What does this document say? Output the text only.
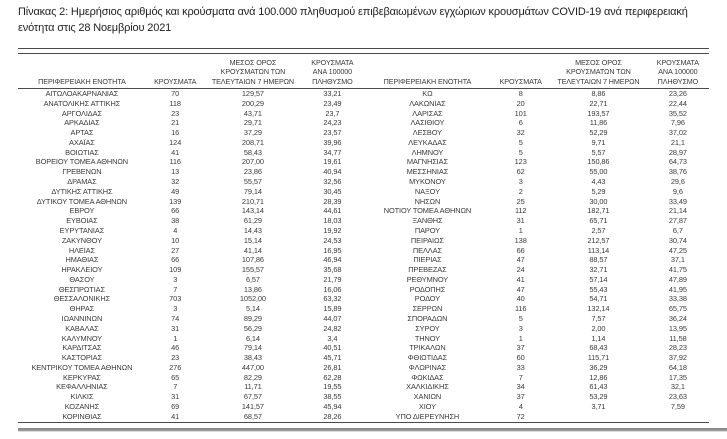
Πίνακας 2: Ημερήσιος αριθμός και κρούσματα ανά 100.000 πληθυσμού επιβεβαιωμένων εγχώριων κρουσμάτων COVID-19 ανά περιφερειακή ενότητα στις 28 Νοεμβρίου 2021
ΠΕΡΙΦΕΡΕΙΑΚΗ ΕΝΟΤΗΤΑ	ΚΡΟΥΣΜΑΤΑ	ΜΕΣΟΣ ΟΡΟΣ ΚΡΟΥΣΜΑΤΩΝ ΤΩΝ ΤΕΛΕΥΤΑΙΩΝ 7 ΗΜΕΡΩΝ	ΚΡΟΥΣΜΑΤΑ ΑΝΑ 100000 ΠΛΗΘΥΣΜΟ
ΑΙΤΩΛΟΑΚΑΡΝΑΝΙΑΣ	70	129,57	33,21
ΑΝΑΤΟΛΙΚΗΣ ΑΤΤΙΚΗΣ	118	200,29	23,49
ΑΡΓΟΛΙΔΑΣ	23	43,71	23,7
ΑΡΚΑΔΙΑΣ	21	29,71	24,23
ΑΡΤΑΣ	16	37,29	23,57
ΑΧΑΪΑΣ	124	208,71	39,96
ΒΟΙΩΤΙΑΣ	41	58,43	34,77
ΒΟΡΕΙΟΥ ΤΟΜΕΑ ΑΘΗΝΩΝ	116	207,00	19,61
ΓΡΕΒΕΝΩΝ	13	23,86	40,94
ΔΡΑΜΑΣ	32	55,57	32,56
ΔΥΤΙΚΗΣ ΑΤΤΙΚΗΣ	49	79,14	30,45
ΔΥΤΙΚΟΥ ΤΟΜΕΑ ΑΘΗΝΩΝ	139	210,71	28,39
ΕΒΡΟΥ	66	143,14	44,61
ΕΥΒΟΙΑΣ	38	61,29	18,03
ΕΥΡΥΤΑΝΙΑΣ	4	14,43	19,92
ΖΑΚΥΝΘΟΥ	10	15,14	24,53
ΗΛΕΙΑΣ	27	41,14	16,95
ΗΜΑΘΙΑΣ	66	107,86	46,94
ΗΡΑΚΛΕΙΟΥ	109	155,57	35,68
ΘΑΣΟΥ	3	6,57	21,79
ΘΕΣΠΡΩΤΙΑΣ	7	13,86	16,06
ΘΕΣΣΑΛΟΝΙΚΗΣ	703	1052,00	63,32
ΘΗΡΑΣ	3	5,14	15,89
ΙΩΑΝΝΙΝΩΝ	74	89,29	44,07
ΚΑΒΑΛΑΣ	31	56,29	24,82
ΚΑΛΥΜΝΟΥ	1	6,14	3,4
ΚΑΡΔΙΤΣΑΣ	46	79,14	40,51
ΚΑΣΤΟΡΙΑΣ	23	38,43	45,71
ΚΕΝΤΡΙΚΟΥ ΤΟΜΕΑ ΑΘΗΝΩΝ	276	447,00	26,81
ΚΕΡΚΥΡΑΣ	65	82,29	62,28
ΚΕΦΑΛΛΗΝΙΑΣ	7	11,71	19,55
ΚΙΛΚΙΣ	31	67,57	38,55
ΚΟΖΑΝΗΣ	69	141,57	45,94
ΚΟΡΙΝΘΙΑΣ	41	68,57	28,26
ΠΕΡΙΦΕΡΕΙΑΚΗ ΕΝΟΤΗΤΑ	ΚΡΟΥΣΜΑΤΑ	ΜΕΣΟΣ ΟΡΟΣ ΚΡΟΥΣΜΑΤΩΝ ΤΩΝ ΤΕΛΕΥΤΑΙΩΝ 7 ΗΜΕΡΩΝ	ΚΡΟΥΣΜΑΤΑ ΑΝΑ 100000 ΠΛΗΘΥΣΜΟ
ΚΩ	8	8,86	23,26
ΛΑΚΩΝΙΑΣ	20	22,71	22,44
ΛΑΡΙΣΑΣ	101	193,57	35,52
ΛΑΣΙΘΙΟΥ	6	11,86	7,96
ΛΕΣΒΟΥ	32	52,29	37,02
ΛΕΥΚΑΔΑΣ	5	9,71	21,1
ΛΗΜΝΟΥ	5	5,57	28,97
ΜΑΓΝΗΣΙΑΣ	123	150,86	64,73
ΜΕΣΣΗΝΙΑΣ	62	55,00	38,76
ΜΥΚΟΝΟΥ	3	4,43	29,6
ΝΑΞΟΥ	2	5,29	9,6
ΝΗΣΩΝ	25	30,00	33,49
ΝΟΤΙΟΥ ΤΟΜΕΑ ΑΘΗΝΩΝ	112	182,71	21,14
ΞΑΝΘΗΣ	31	65,71	27,87
ΠΑΡΟΥ	1	2,57	6,7
ΠΕΙΡΑΙΩΣ	138	212,57	30,74
ΠΕΛΛΑΣ	66	113,14	47,25
ΠΙΕΡΙΑΣ	47	88,57	37,1
ΠΡΕΒΕΖΑΣ	24	32,71	41,75
ΡΕΘΥΜΝΟΥ	41	57,14	47,89
ΡΟΔΟΠΗΣ	47	55,43	41,95
ΡΟΔΟΥ	40	54,71	33,38
ΣΕΡΡΩΝ	116	132,14	65,75
ΣΠΟΡΑΔΩΝ	5	7,57	36,24
ΣΥΡΟΥ	3	2,00	13,95
ΤΗΝΟΥ	1	1,14	11,58
ΤΡΙΚΑΛΩΝ	37	68,43	28,23
ΦΘΙΩΤΙΔΑΣ	60	115,71	37,92
ΦΛΩΡΙΝΑΣ	33	36,29	64,18
ΦΩΚΙΔΑΣ	7	12,86	17,35
ΧΑΛΚΙΔΙΚΗΣ	34	61,43	32,1
ΧΑΝΙΩΝ	37	53,29	23,63
ΧΙΟΥ	4	3,71	7,59
ΥΠΟ ΔΙΕΡΕΥΝΗΣΗ	72		
